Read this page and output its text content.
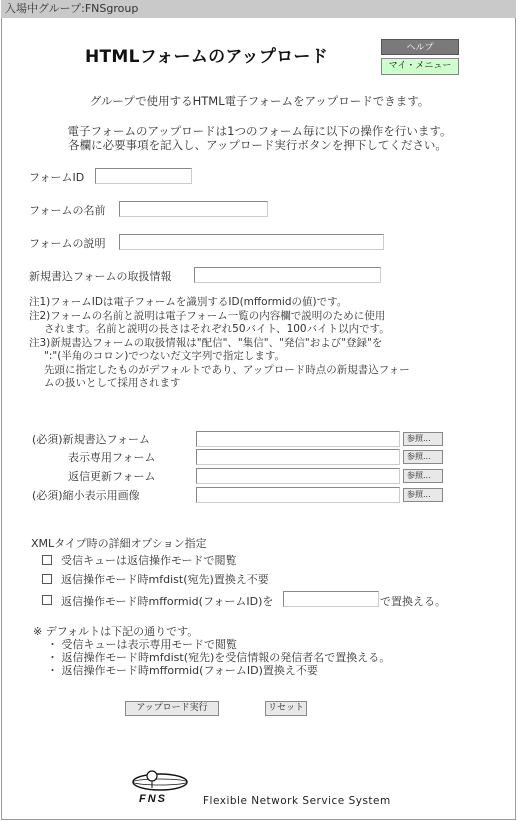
入場中グループ:FNSgroup
HTMLフォームのアップロード	ヘルプ
マイ・メニュー
グループで使用するHTML電子フォームをアップロードできます。
電子フォームのアップロードは1つのフォーム毎に以下の操作を行います。
各欄に必要事項を記入し、アップロード実行ボタンを押下してください。
フォームID
フォームの名前
フォームの説明
新規書込フォームの取扱情報

注1)フォームIDは電子フォームを識別するID(mfformidの値)です。

注2)フォームの名前と説明は電子フォーム一覧の内容欄で説明のために使用

されます。名前と説明の長さはそれぞれ50バイト、100バイト以内です。

注3)新規書込フォームの取扱情報は"配信"、"集信"、"発信"および"登録"を

":"(半角のコロン)でつないだ文字列で指定します。

先頭に指定したものがデフォルトであり、アップロード時点の新規書込フォー

ムの扱いとして採用されます

(必須)新規書込フォーム	参照...
表示専用フォーム	参照...
返信更新フォーム	参照...
(必須)縮小表示用画像	参照...
XMLタイプ時の詳細オプション指定
受信キューは返信操作モードで閲覧
返信操作モード時mfdist(宛先)置換え不要
返信操作モード時mfformid(フォームID)を	で置換える。

※ デフォルトは下記の通りです。

・ 受信キューは表示専用モードで閲覧

・ 返信操作モード時mfdist(宛先)を受信情報の発信者名で置換える。

・ 返信操作モード時mfformid(フォームID)置換え不要

アップロード実行	リセット
FNS	Flexible Network Service System
